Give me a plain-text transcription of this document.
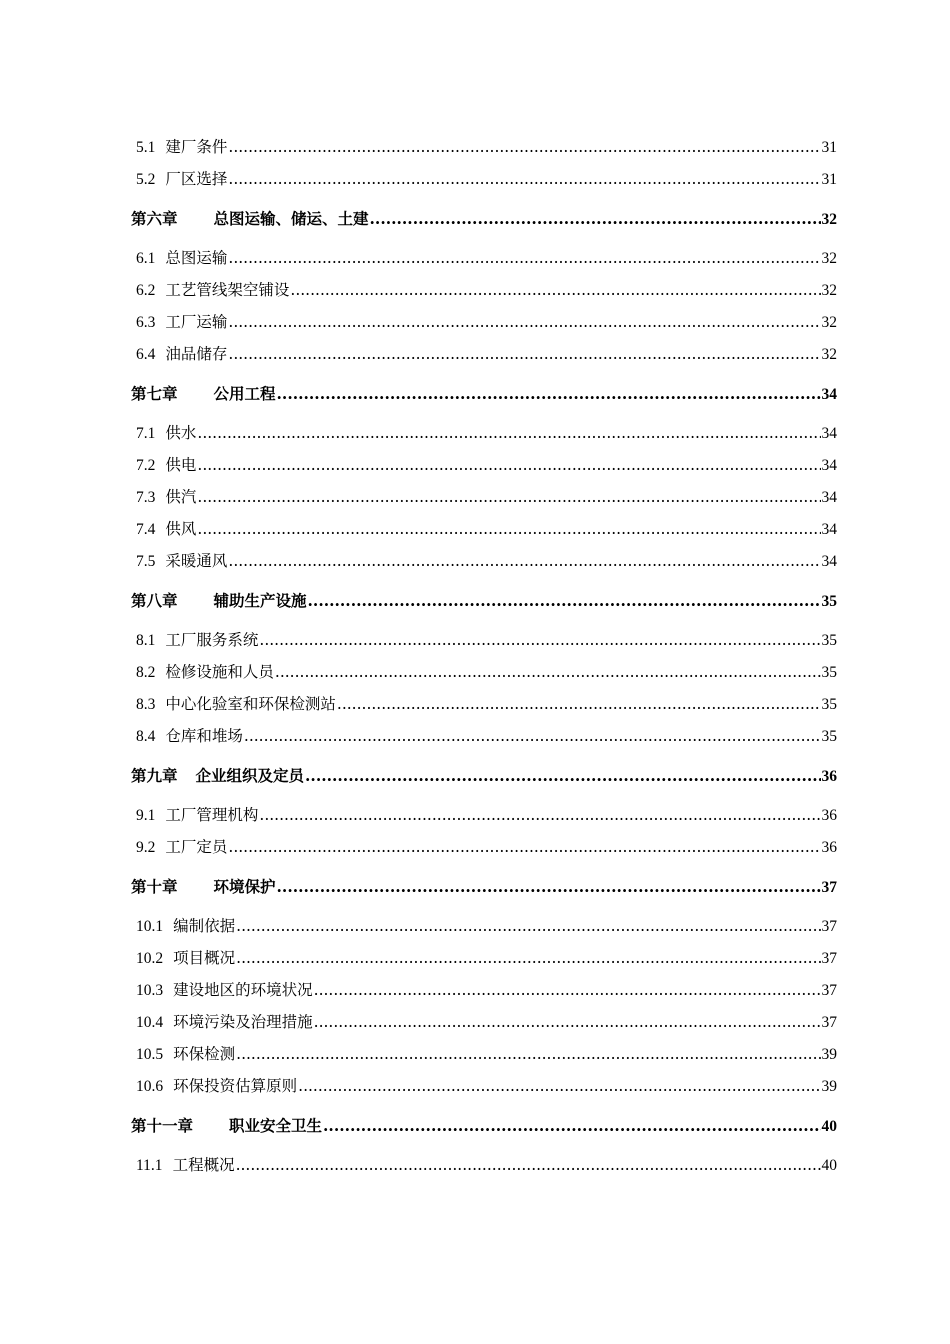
5.1 建厂条件 .....	31
5.2 厂区选择 .....	31
第六章 总图运输、储运、土建 .....	32
6.1 总图运输 .....	32
6.2 工艺管线架空铺设 .....	32
6.3 工厂运输 .....	32
6.4 油品储存 .....	32
第七章 公用工程 .....	34
7.1 供水 .....	34
7.2 供电 .....	34
7.3 供汽 .....	34
7.4 供风 .....	34
7.5 采暖通风 .....	34
第八章 辅助生产设施 .....	35
8.1 工厂服务系统 .....	35
8.2 检修设施和人员 .....	35
8.3 中心化验室和环保检测站 .....	35
8.4 仓库和堆场 .....	35
第九章 企业组织及定员 .....	36
9.1 工厂管理机构 .....	36
9.2 工厂定员 .....	36
第十章 环境保护 .....	37
10.1 编制依据 .....	37
10.2 项目概况 .....	37
10.3 建设地区的环境状况 .....	37
10.4 环境污染及治理措施 .....	37
10.5 环保检测 .....	39
10.6 环保投资估算原则 .....	39
第十一章 职业安全卫生 .....	40
11.1 工程概况 .....	40
